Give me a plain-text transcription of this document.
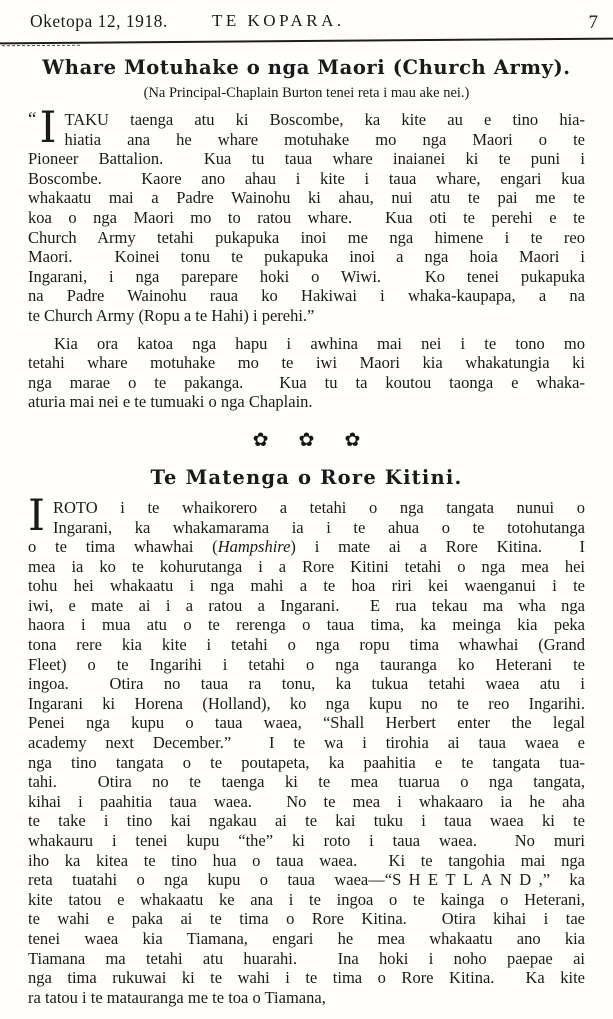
Oketopa 12, 1918.	TE KOPARA.	7
Whare Motuhake o nga Maori (Church Army).
(Na Principal-Chaplain Burton tenei reta i mau ake nei.)
“ I TAKU taenga atu ki Boscombe, ka kite au e tino hia-
hiatia ana he whare motuhake mo nga Maori o te
Pioneer Battalion.  Kua tu taua whare inaianei ki te puni i
Boscombe.  Kaore ano ahau i kite i taua whare, engari kua
whakaatu mai a Padre Wainohu ki ahau, nui atu te pai me te
koa o nga Maori mo to ratou whare.  Kua oti te perehi e te
Church Army tetahi pukapuka inoi me nga himene i te reo
Maori.  Koinei tonu te pukapuka inoi a nga hoia Maori i
Ingarani, i nga parepare hoki o Wiwi.  Ko tenei pukapuka
na Padre Wainohu raua ko Hakiwai i whaka-kaupapa, a na
te Church Army (Ropu a te Hahi) i perehi.”
Kia ora katoa nga hapu i awhina mai nei i te tono mo
tetahi whare motuhake mo te iwi Maori kia whakatungia ki
nga marae o te pakanga.  Kua tu ta koutou taonga e whaka-
aturia mai nei e te tumuaki o nga Chaplain.
✿ ✿ ✿
Te Matenga o Rore Kitini.
I ROTO i te whaikorero a tetahi o nga tangata nunui o
Ingarani, ka whakamarama ia i te ahua o te totohutanga
o te tima whawhai (Hampshire) i mate ai a Rore Kitina.  I
mea ia ko te kohurutanga i a Rore Kitini tetahi o nga mea hei
tohu hei whakaatu i nga mahi a te hoa riri kei waenganui i te
iwi, e mate ai i a ratou a Ingarani.  E rua tekau ma wha nga
haora i mua atu o te rerenga o taua tima, ka meinga kia peka
tona rere kia kite i tetahi o nga ropu tima whawhai (Grand
Fleet) o te Ingarihi i tetahi o nga tauranga ko Heterani te
ingoa.  Otira no taua ra tonu, ka tukua tetahi waea atu i
Ingarani ki Horena (Holland), ko nga kupu no te reo Ingarihi.
Penei nga kupu o taua waea, “Shall Herbert enter the legal
academy next December.”  I te wa i tirohia ai taua waea e
nga tino tangata o te poutapeta, ka paahitia e te tangata tua-
tahi.  Otira no te taenga ki te mea tuarua o nga tangata,
kihai i paahitia taua waea.  No te mea i whakaaro ia he aha
te take i tino kai ngakau ai te kai tuku i taua waea ki te
whakauru i tenei kupu “the” ki roto i taua waea.  No muri
iho ka kitea te tino hua o taua waea.  Ki te tangohia mai nga
reta tuatahi o nga kupu o taua waea—“SHETLAND,” ka
kite tatou e whakaatu ke ana i te ingoa o te kainga o Heterani,
te wahi e paka ai te tima o Rore Kitina.  Otira kihai i tae
tenei waea kia Tiamana, engari he mea whakaatu ano kia
Tiamana ma tetahi atu huarahi.  Ina hoki i noho paepae ai
nga tima rukuwai ki te wahi i te tima o Rore Kitina.  Ka kite
ra tatou i te matauranga me te toa o Tiamana,
